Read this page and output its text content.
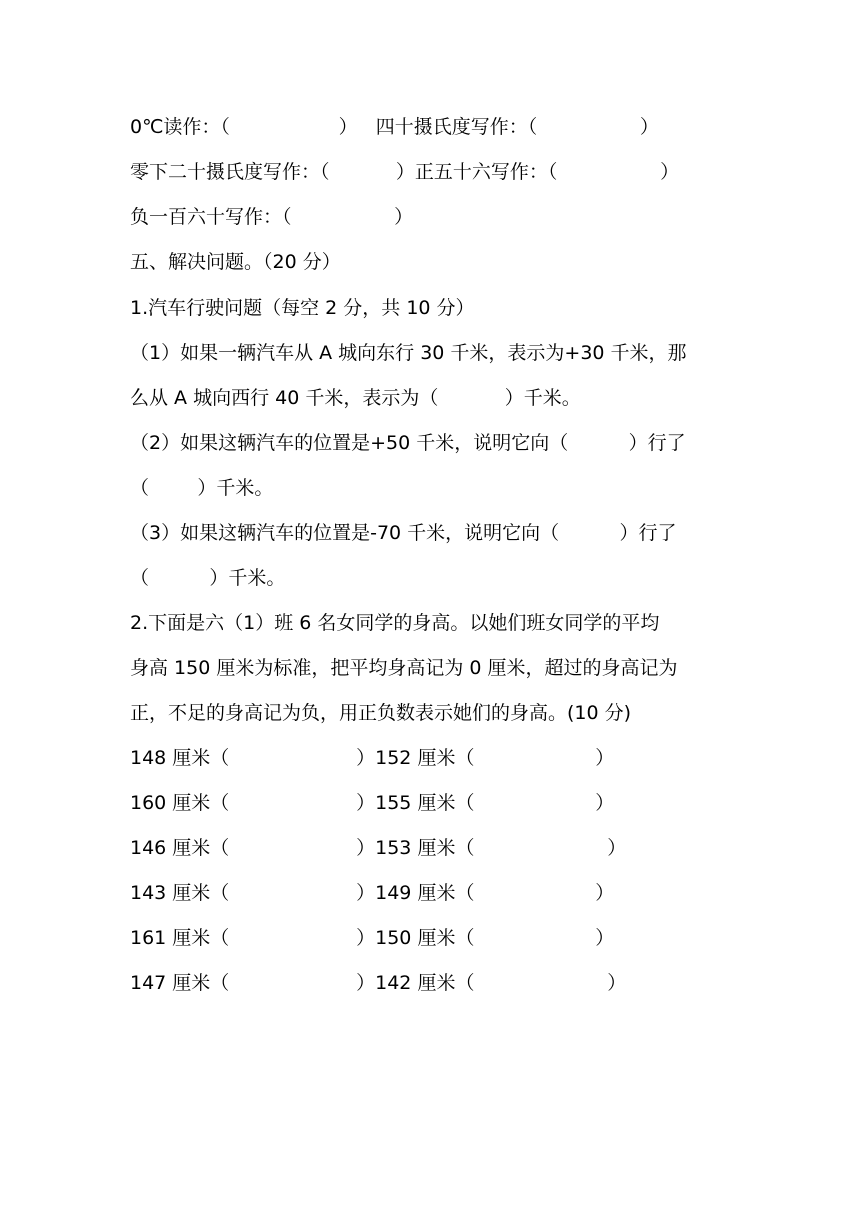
0℃读作：（                  ）   四十摄氏度写作：（                 ）

零下二十摄氏度写作：（           ）正五十六写作：（                 ）

负一百六十写作：（                 ）

五、解决问题。（20 分）

1.汽车行驶问题（每空 2 分，共 10 分）

（1）如果一辆汽车从 A 城向东行 30 千米，表示为+30 千米，那

么从 A 城向西行 40 千米，表示为（           ）千米。

（2）如果这辆汽车的位置是+50 千米，说明它向（          ）行了

（        ）千米。

（3）如果这辆汽车的位置是-70 千米，说明它向（          ）行了

（          ）千米。

2.下面是六（1）班 6 名女同学的身高。以她们班女同学的平均

身高 150 厘米为标准，把平均身高记为 0 厘米，超过的身高记为

正，不足的身高记为负，用正负数表示她们的身高。(10 分)

148 厘米（                     ）152 厘米（                    ）

160 厘米（                     ）155 厘米（                    ）

146 厘米（                     ）153 厘米（                      ）

143 厘米（                     ）149 厘米（                    ）

161 厘米（                     ）150 厘米（                    ）

147 厘米（                     ）142 厘米（                      ）
